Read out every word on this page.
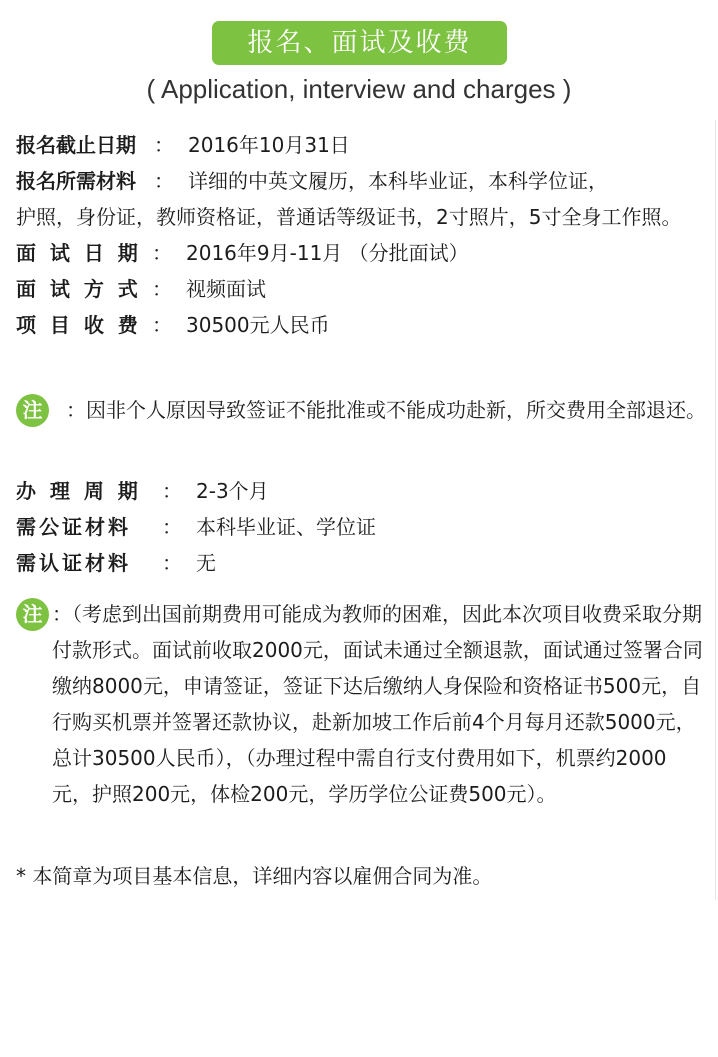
报名、面试及收费
( Application, interview and charges )
报名截止日期 ： 2016年10月31日
报名所需材料 ： 详细的中英文履历，本科毕业证，本科学位证，
护照，身份证，教师资格证，普通话等级证书，2寸照片，5寸全身工作照。
面  试  日  期 ： 2016年9月-11月 （分批面试）
面  试  方  式 ： 视频面试
项  目  收  费 ： 30500元人民币
注	：因非个人原因导致签证不能批准或不能成功赴新，所交费用全部退还。
办  理  周  期 ： 2-3个月
需公证材料 ： 本科毕业证、学位证
需认证材料 ： 无
注 ：（考虑到出国前期费用可能成为教师的困难，因此本次项目收费采取分期付款形式。面试前收取2000元，面试未通过全额退款，面试通过签署合同缴纳8000元，申请签证，签证下达后缴纳人身保险和资格证书500元，自行购买机票并签署还款协议，赴新加坡工作后前4个月每月还款5000元，总计30500人民币），（办理过程中需自行支付费用如下，机票约2000元，护照200元，体检200元，学历学位公证费500元）。
* 本简章为项目基本信息，详细内容以雇佣合同为准。
